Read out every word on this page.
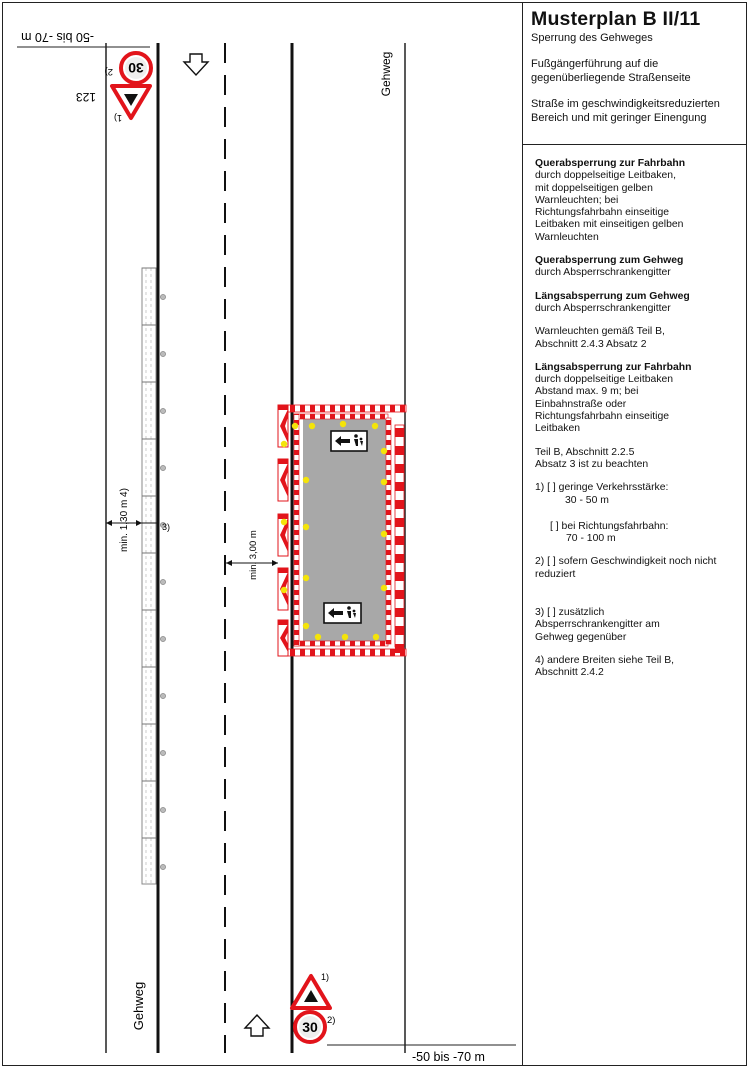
-50 bis -70 m
30
2)
123
1)
Gehweg
Gehweg
min. 1,30 m 4)	3)
min. 3,00 m
1)
30 2)
-50 bis -70 m
Musterplan B II/11

Sperrung des Gehweges

Fußgängerführung auf die gegenüberliegende Straßenseite

Straße im geschwindigkeitsreduzierten Bereich und mit geringer Einengung

Querabsperrung zur Fahrbahn
durch doppelseitige Leitbaken, mit doppelseitigen gelben Warnleuchten; bei Richtungsfahrbahn einseitige Leitbaken mit einseitigen gelben Warnleuchten

Querabsperrung zum Gehweg
durch Absperrschrankengitter

Längsabsperrung zum Gehweg
durch Absperrschrankengitter

Warnleuchten gemäß Teil B, Abschnitt 2.4.3 Absatz 2

Längsabsperrung zur Fahrbahn
durch doppelseitige Leitbaken Abstand max. 9 m; bei Einbahnstraße oder Richtungsfahrbahn einseitige Leitbaken

Teil B, Abschnitt 2.2.5 Absatz 3 ist zu beachten

1) [ ] geringe Verkehrsstärke:
30 - 50 m

[ ] bei Richtungsfahrbahn:
70 - 100 m

2) [ ] sofern Geschwindigkeit noch nicht reduziert

3) [ ] zusätzlich Absperrschrankengitter am Gehweg gegenüber

4) andere Breiten siehe Teil B, Abschnitt 2.4.2
